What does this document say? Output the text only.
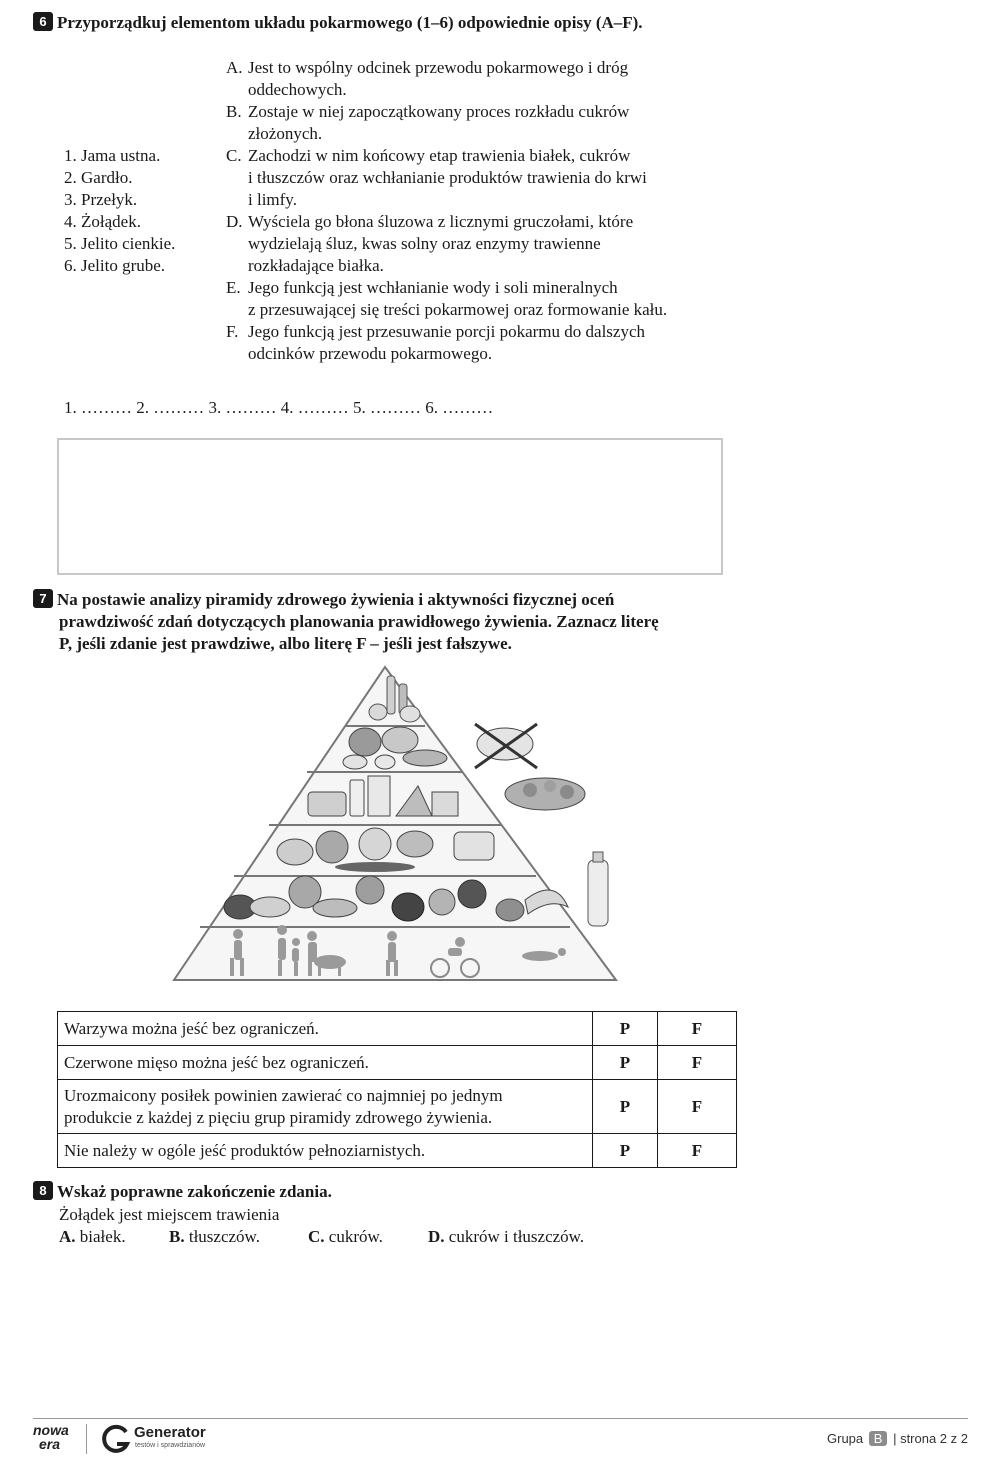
6 Przyporządkuj elementom układu pokarmowego (1–6) odpowiednie opisy (A–F).
1. Jama ustna.
2. Gardło.
3. Przełyk.
4. Żołądek.
5. Jelito cienkie.
6. Jelito grube.
A. Jest to wspólny odcinek przewodu pokarmowego i dróg
oddechowych.
B. Zostaje w niej zapoczątkowany proces rozkładu cukrów
złożonych.
C. Zachodzi w nim końcowy etap trawienia białek, cukrów
i tłuszczów oraz wchłanianie produktów trawienia do krwi
i limfy.
D. Wyściela go błona śluzowa z licznymi gruczołami, które
wydzielają śluz, kwas solny oraz enzymy trawienne
rozkładające białka.
E. Jego funkcją jest wchłanianie wody i soli mineralnych
z przesuwającej się treści pokarmowej oraz formowanie kału.
F. Jego funkcją jest przesuwanie porcji pokarmu do dalszych
odcinków przewodu pokarmowego.
1. ……… 2. ……… 3. ……… 4. ……… 5. ……… 6. ………
7 Na postawie analizy piramidy zdrowego żywienia i aktywności fizycznej oceń
prawdziwość zdań dotyczących planowania prawidłowego żywienia. Zaznacz literę
P, jeśli zdanie jest prawdziwe, albo literę F – jeśli jest fałszywe.
Warzywa można jeść bez ograniczeń.	P	F
Czerwone mięso można jeść bez ograniczeń.	P	F
Urozmaicony posiłek powinien zawierać co najmniej po jednym
produkcie z każdej z pięciu grup piramidy zdrowego żywienia.	P	F
Nie należy w ogóle jeść produktów pełnoziarnistych.	P	F
8 Wskaż poprawne zakończenie zdania.
Żołądek jest miejscem trawienia
A. białek.	B. tłuszczów.	C. cukrów.	D. cukrów i tłuszczów.
nowa
era
Generator
testów i sprawdzianów	Grupa B | strona 2 z 2
